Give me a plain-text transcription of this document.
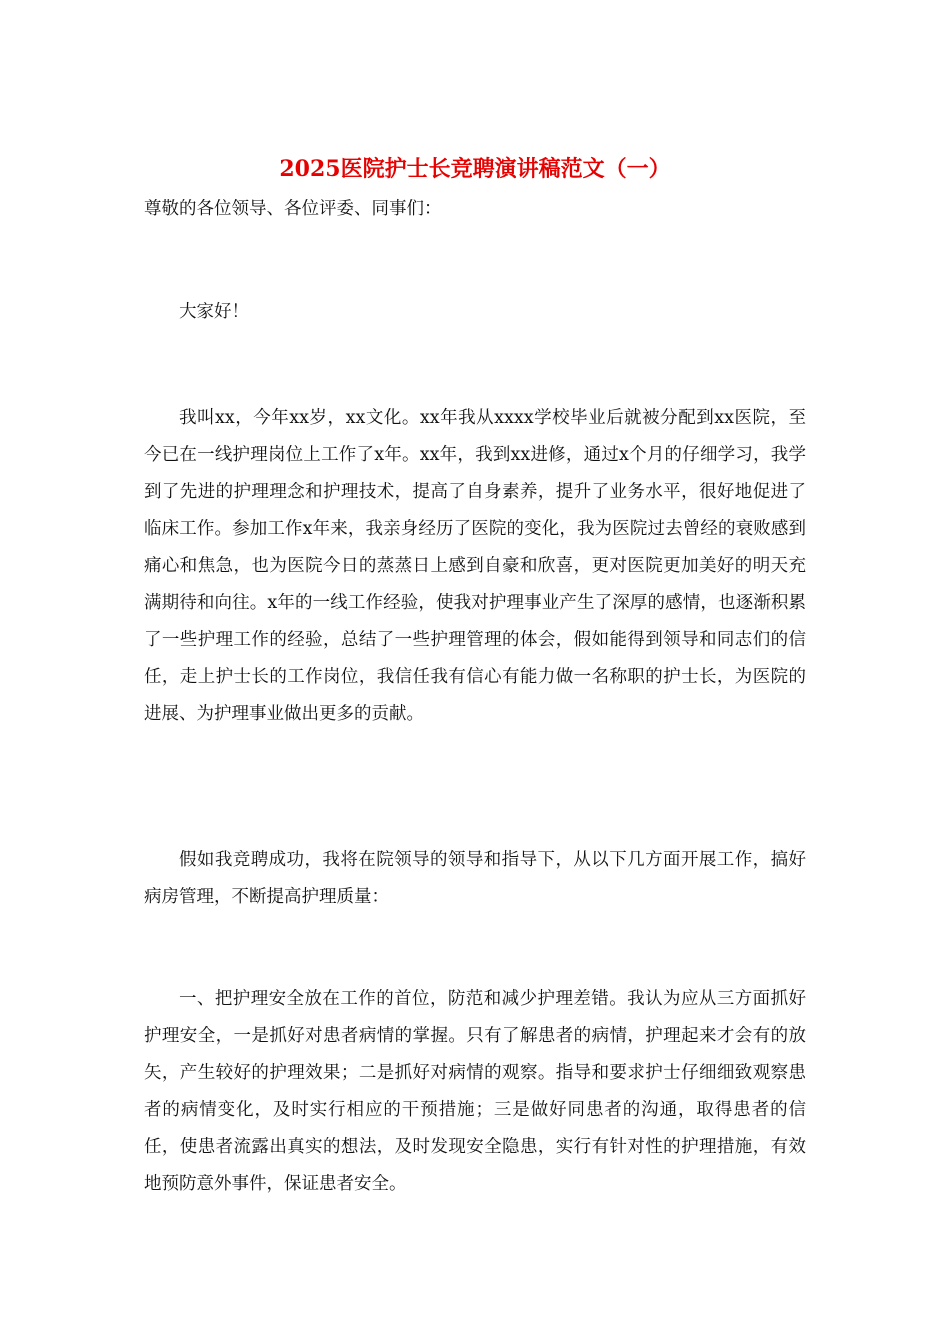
2025医院护士长竞聘演讲稿范文（一）

尊敬的各位领导、各位评委、同事们：

大家好！

我叫xx，今年xx岁，xx文化。xx年我从xxxx学校毕业后就被分配到xx医院，至今已在一线护理岗位上工作了x年。xx年，我到xx进修，通过x个月的仔细学习，我学到了先进的护理理念和护理技术，提高了自身素养，提升了业务水平，很好地促进了临床工作。参加工作x年来，我亲身经历了医院的变化，我为医院过去曾经的衰败感到痛心和焦急，也为医院今日的蒸蒸日上感到自豪和欣喜，更对医院更加美好的明天充满期待和向往。x年的一线工作经验，使我对护理事业产生了深厚的感情，也逐渐积累了一些护理工作的经验，总结了一些护理管理的体会，假如能得到领导和同志们的信任，走上护士长的工作岗位，我信任我有信心有能力做一名称职的护士长，为医院的进展、为护理事业做出更多的贡献。

假如我竞聘成功，我将在院领导的领导和指导下，从以下几方面开展工作，搞好病房管理，不断提高护理质量：

一、把护理安全放在工作的首位，防范和减少护理差错。我认为应从三方面抓好护理安全，一是抓好对患者病情的掌握。只有了解患者的病情，护理起来才会有的放矢，产生较好的护理效果；二是抓好对病情的观察。指导和要求护士仔细细致观察患者的病情变化，及时实行相应的干预措施；三是做好同患者的沟通，取得患者的信任，使患者流露出真实的想法，及时发现安全隐患，实行有针对性的护理措施，有效地预防意外事件，保证患者安全。
